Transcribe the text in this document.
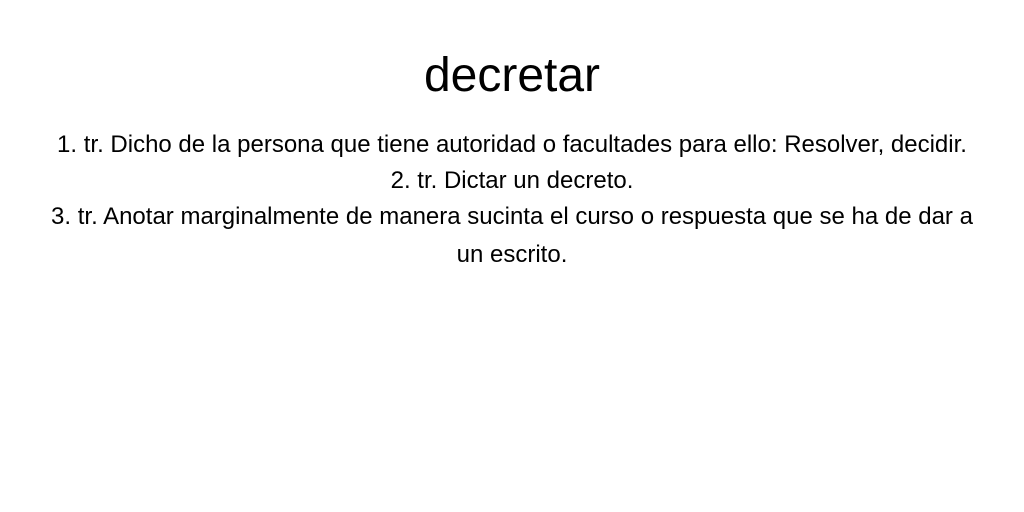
decretar
1. tr. Dicho de la persona que tiene autoridad o facultades para ello: Resolver, decidir.
2. tr. Dictar un decreto.
3. tr. Anotar marginalmente de manera sucinta el curso o respuesta que se ha de dar a un escrito.
